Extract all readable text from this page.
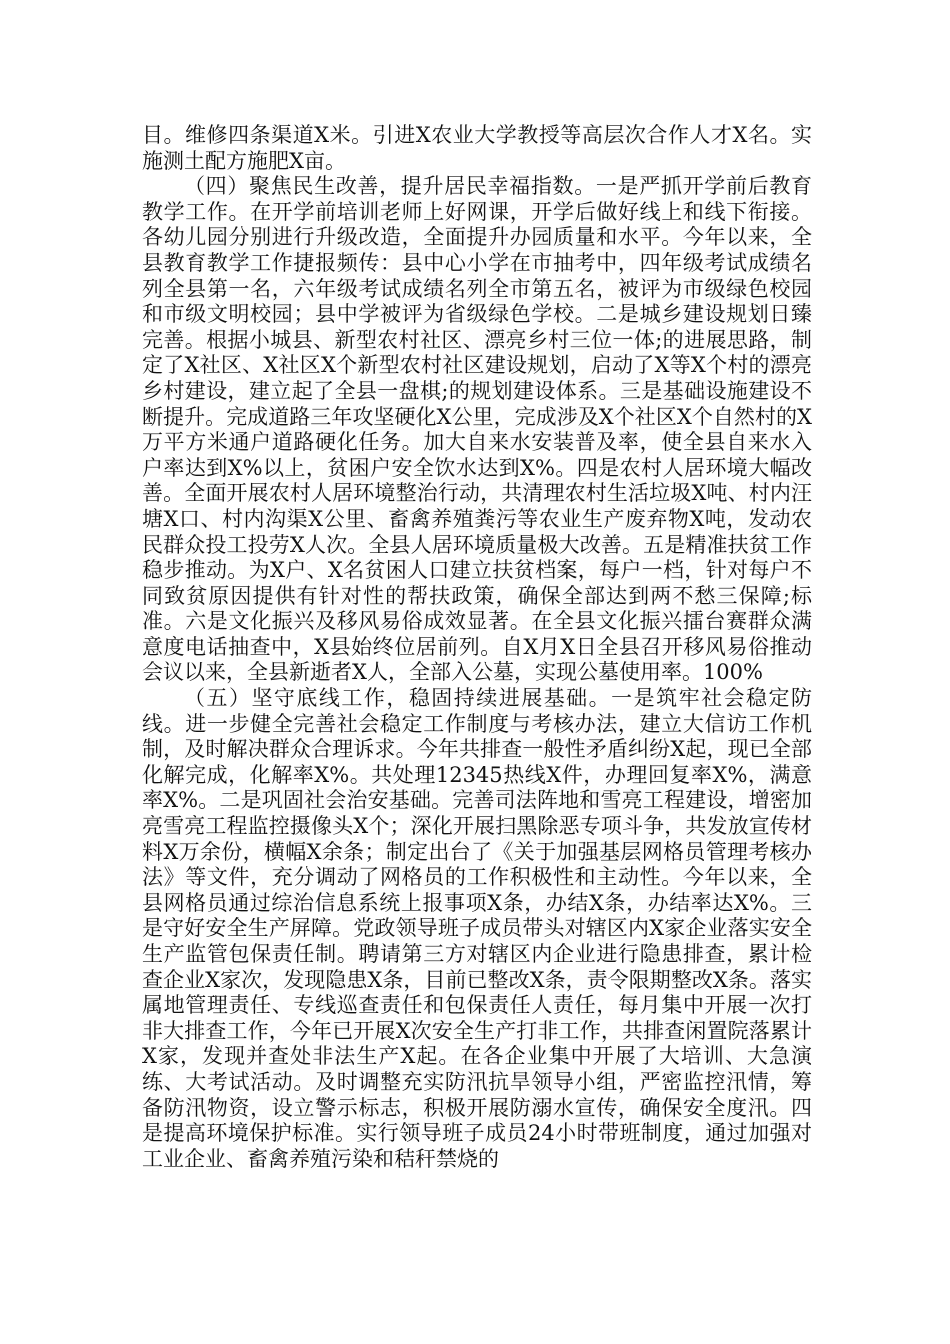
目。维修四条渠道X米。引进X农业大学教授等高层次合作人才X名。实施测土配方施肥X亩。

（四）聚焦民生改善，提升居民幸福指数。一是严抓开学前后教育教学工作。在开学前培训老师上好网课，开学后做好线上和线下衔接。各幼儿园分别进行升级改造，全面提升办园质量和水平。今年以来，全县教育教学工作捷报频传：县中心小学在市抽考中，四年级考试成绩名列全县第一名，六年级考试成绩名列全市第五名，被评为市级绿色校园和市级文明校园；县中学被评为省级绿色学校。二是城乡建设规划日臻完善。根据小城县、新型农村社区、漂亮乡村三位一体;的进展思路，制定了X社区、X社区X个新型农村社区建设规划，启动了X等X个村的漂亮乡村建设，建立起了全县一盘棋;的规划建设体系。三是基础设施建设不断提升。完成道路三年攻坚硬化X公里，完成涉及X个社区X个自然村的X万平方米通户道路硬化任务。加大自来水安装普及率，使全县自来水入户率达到X%以上，贫困户安全饮水达到X%。四是农村人居环境大幅改善。全面开展农村人居环境整治行动，共清理农村生活垃圾X吨、村内汪塘X口、村内沟渠X公里、畜禽养殖粪污等农业生产废弃物X吨，发动农民群众投工投劳X人次。全县人居环境质量极大改善。五是精准扶贫工作稳步推动。为X户、X名贫困人口建立扶贫档案，每户一档，针对每户不同致贫原因提供有针对性的帮扶政策，确保全部达到两不愁三保障;标准。六是文化振兴及移风易俗成效显著。在全县文化振兴擂台赛群众满意度电话抽查中，X县始终位居前列。自X月X日全县召开移风易俗推动会议以来，全县新逝者X人，全部入公墓，实现公墓使用率。100%

（五）坚守底线工作，稳固持续进展基础。一是筑牢社会稳定防线。进一步健全完善社会稳定工作制度与考核办法，建立大信访工作机制，及时解决群众合理诉求。今年共排查一般性矛盾纠纷X起，现已全部化解完成，化解率X%。共处理12345热线X件，办理回复率X%，满意率X%。二是巩固社会治安基础。完善司法阵地和雪亮工程建设，增密加亮雪亮工程监控摄像头X个；深化开展扫黑除恶专项斗争，共发放宣传材料X万余份，横幅X余条；制定出台了《关于加强基层网格员管理考核办法》等文件，充分调动了网格员的工作积极性和主动性。今年以来，全县网格员通过综治信息系统上报事项X条，办结X条，办结率达X%。三是守好安全生产屏障。党政领导班子成员带头对辖区内X家企业落实安全生产监管包保责任制。聘请第三方对辖区内企业进行隐患排查，累计检查企业X家次，发现隐患X条，目前已整改X条，责令限期整改X条。落实属地管理责任、专线巡查责任和包保责任人责任，每月集中开展一次打非大排查工作，今年已开展X次安全生产打非工作，共排查闲置院落累计X家，发现并查处非法生产X起。在各企业集中开展了大培训、大急演练、大考试活动。及时调整充实防汛抗旱领导小组，严密监控汛情，筹备防汛物资，设立警示标志，积极开展防溺水宣传，确保安全度汛。四是提高环境保护标准。实行领导班子成员24小时带班制度，通过加强对工业企业、畜禽养殖污染和秸秆禁烧的
